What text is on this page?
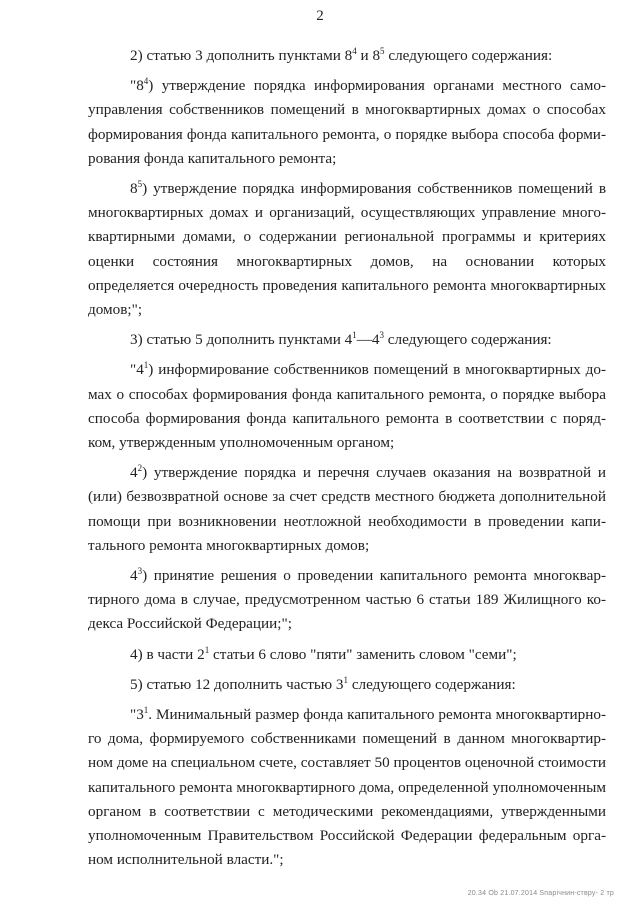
2

2) статью 3 дополнить пунктами $8^4$ и $8^5$ следующего содержания:

"$8^4$) утверждение порядка информирования органами местного самоуправления собственников помещений в многоквартирных домах о способах формирования фонда капитального ремонта, о порядке выбора способа формирования фонда капитального ремонта;

$8^5$) утверждение порядка информирования собственников помещений в многоквартирных домах и организаций, осуществляющих управление многоквартирными домами, о содержании региональной программы и критериях оценки состояния многоквартирных домов, на основании которых определяется очередность проведения капитального ремонта многоквартирных домов;";

3) статью 5 дополнить пунктами $4^1—4^3$ следующего содержания:

"$4^1$) информирование собственников помещений в многоквартирных домах о способах формирования фонда капитального ремонта, о порядке выбора способа формирования фонда капитального ремонта в соответствии с порядком, утвержденным уполномоченным органом;

$4^2$) утверждение порядка и перечня случаев оказания на возвратной и (или) безвозвратной основе за счет средств местного бюджета дополнительной помощи при возникновении неотложной необходимости в проведении капитального ремонта многоквартирных домов;

$4^3$) принятие решения о проведении капитального ремонта многоквартирного дома в случае, предусмотренном частью 6 статьи 189 Жилищного кодекса Российской Федерации;";

4) в части $2^1$ статьи 6 слово "пяти" заменить словом "семи";

5) статью 12 дополнить частью $3^1$ следующего содержания:

"$3^1$. Минимальный размер фонда капитального ремонта многоквартирного дома, формируемого собственниками помещений в данном многоквартирном доме на специальном счете, составляет 50 процентов оценочной стоимости капитального ремонта многоквартирного дома, определенной уполномоченным органом в соответствии с методическими рекомендациями, утвержденными уполномоченным Правительством Российской Федерации федеральным органом исполнительной власти.";

20.34 Ob 21.07.2014 Ѕпарічнин-ствру- 2 тр
